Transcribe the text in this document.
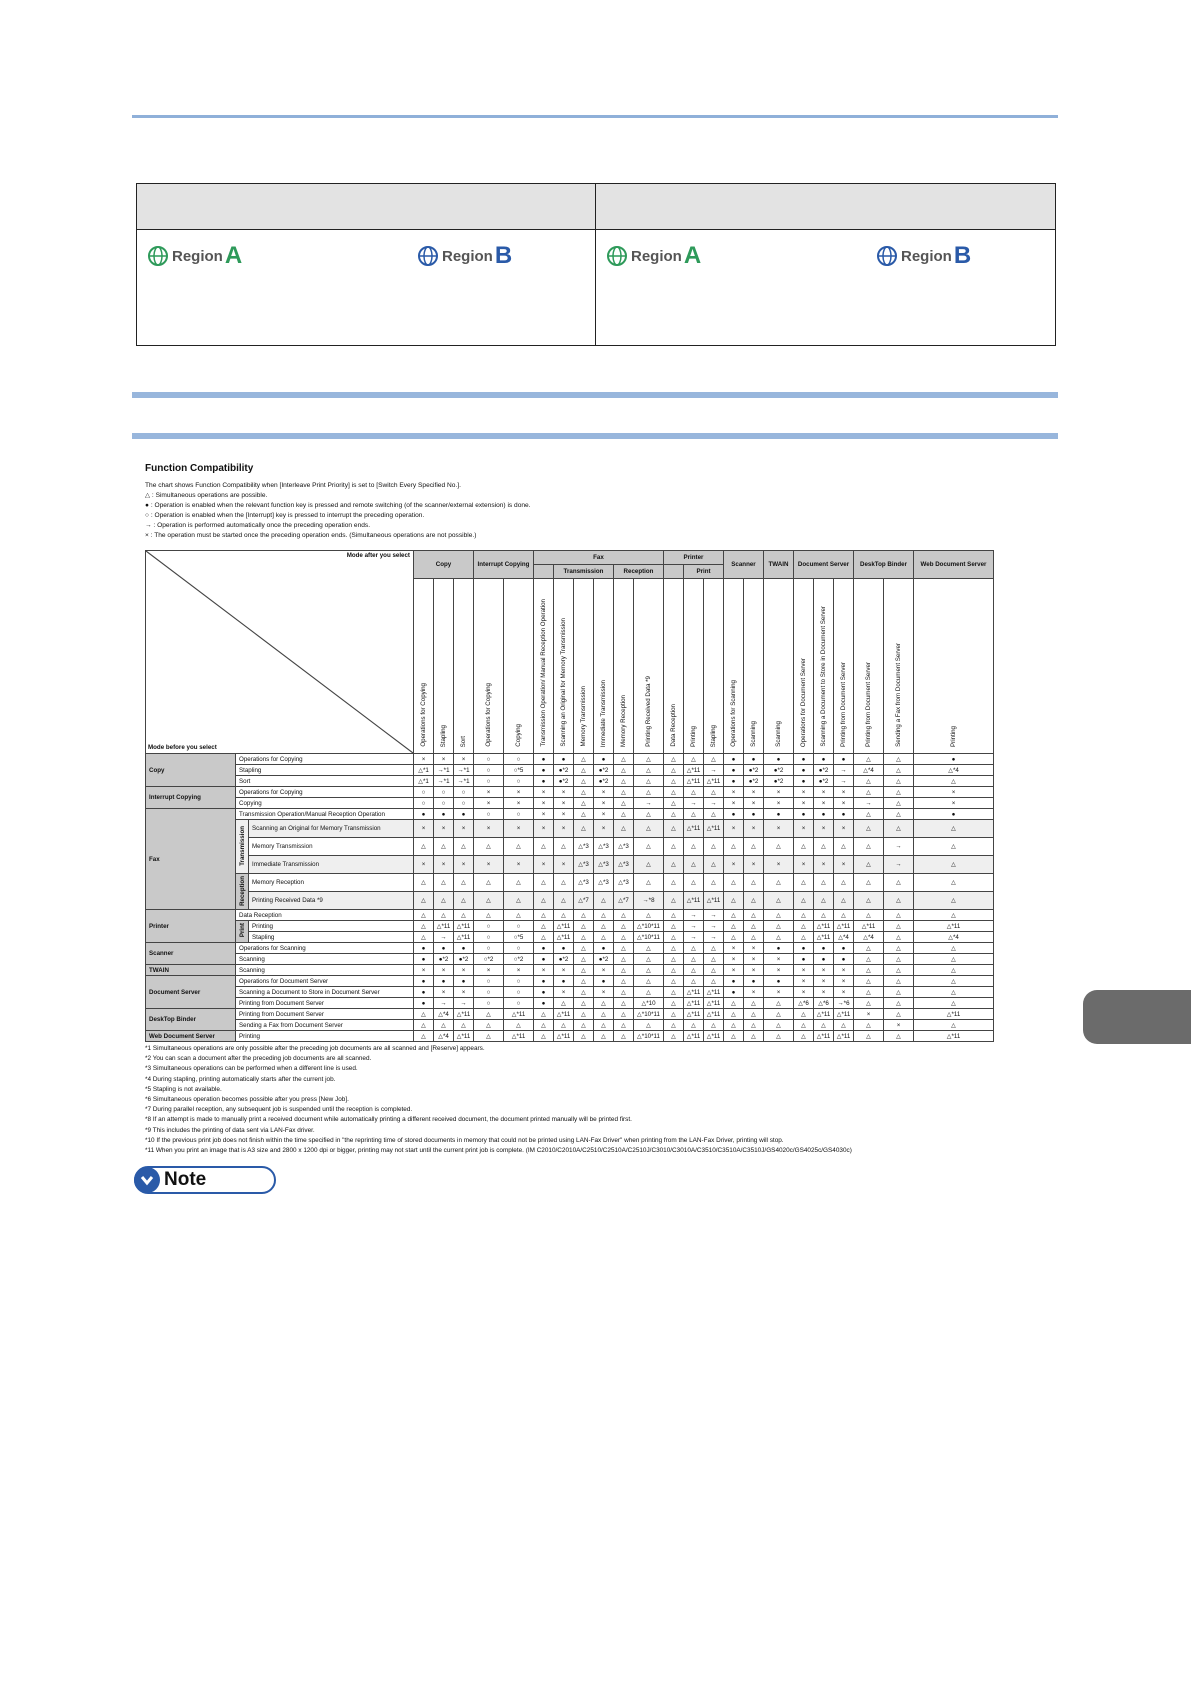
Region A	Region B	Region A	Region B
Function Compatibility
The chart shows Function Compatibility when [Interleave Print Priority] is set to [Switch Every Specified No.].
△ : Simultaneous operations are possible.
● : Operation is enabled when the relevant function key is pressed and remote switching (of the scanner/external extension) is done.
○ : Operation is enabled when the [Interrupt] key is pressed to interrupt the preceding operation.
→ : Operation is performed automatically once the preceding operation ends.
× : The operation must be started once the preceding operation ends. (Simultaneous operations are not possible.)
Mode after you select
Mode before you select			Copy			Interrupt Copying		Fax						Printer			Scanner		TWAIN	Document Server			DeskTop Binder		Web Document Server
									Transmission			Reception			Print										
			Operations for Copying	Stapling	Sort	Operations for Copying	Copying	Transmission Operation/ Manual Reception Operation	Scanning an Original for Memory Transmission	Memory Transmission	Immediate Transmission	Memory Reception	Printing Received Data *9	Data Reception	Printing	Stapling	Operations for Scanning	Scanning	Scanning	Operations for Document Server	Scanning a Document to Store in Document Server	Printing from Document Server	Printing from Document Server	Sending a Fax from Document Server	Printing
Copy	Operations for Copying		×	×	×	○	○	●	●	△	●	△	△	△	△	△	●	●	●	●	●	●	△	△	●
	Stapling		△*1	→*1	→*1	○	○*5	●	●*2	△	●*2	△	△	△	△*11	→	●	●*2	●*2	●	●*2	→	△*4	△	△*4
	Sort		△*1	→*1	→*1	○	○	●	●*2	△	●*2	△	△	△	△*11	△*11	●	●*2	●*2	●	●*2	→	△	△	△
Interrupt Copying	Operations for Copying		○	○	○	×	×	×	×	△	×	△	△	△	△	△	×	×	×	×	×	×	△	△	×
	Copying		○	○	○	×	×	×	×	△	×	△	→	△	→	→	×	×	×	×	×	×	→	△	×
Fax	Transmission Operation/Manual Reception Operation		●	●	●	○	○	×	×	△	×	△	△	△	△	△	●	●	●	●	●	●	△	△	●
	Transmission	Scanning an Original for Memory Transmission	×	×	×	×	×	×	×	△	×	△	△	△	△*11	△*11	×	×	×	×	×	×	△	△	△
		Memory Transmission	△	△	△	△	△	△	△	△*3	△*3	△*3	△	△	△	△	△	△	△	△	△	△	△	→	△
		Immediate Transmission	×	×	×	×	×	×	×	△*3	△*3	△*3	△	△	△	△	×	×	×	×	×	×	△	→	△
	Reception	Memory Reception	△	△	△	△	△	△	△	△*3	△*3	△*3	△	△	△	△	△	△	△	△	△	△	△	△	△
		Printing Received Data *9	△	△	△	△	△	△	△	△*7	△	△*7	→*8	△	△*11	△*11	△	△	△	△	△	△	△	△	△
Printer	Data Reception		△	△	△	△	△	△	△	△	△	△	△	△	→	→	△	△	△	△	△	△	△	△	△
	Print	Printing	△	△*11	△*11	○	○	△	△*11	△	△	△	△*10*11	△	→	→	△	△	△	△	△*11	△*11	△*11	△	△*11
		Stapling	△	→	△*11	○	○*5	△	△*11	△	△	△	△*10*11	△	→	→	△	△	△	△	△*11	△*4	△*4	△	△*4
Scanner	Operations for Scanning		●	●	●	○	○	●	●	△	●	△	△	△	△	△	×	×	●	●	●	●	△	△	△
	Scanning		●	●*2	●*2	○*2	○*2	●	●*2	△	●*2	△	△	△	△	△	×	×	×	●	●	●	△	△	△
TWAIN	Scanning		×	×	×	×	×	×	×	△	×	△	△	△	△	△	×	×	×	×	×	×	△	△	△
Document Server	Operations for Document Server		●	●	●	○	○	●	●	△	●	△	△	△	△	△	●	●	●	×	×	×	△	△	△
	Scanning a Document to Store in Document Server		●	×	×	○	○	●	×	△	×	△	△	△	△*11	△*11	●	×	×	×	×	×	△	△	△
	Printing from Document Server		●	→	→	○	○	●	△	△	△	△	△*10	△	△*11	△*11	△	△	△	△*6	△*6	→*6	△	△	△
DeskTop Binder	Printing from Document Server		△	△*4	△*11	△	△*11	△	△*11	△	△	△	△*10*11	△	△*11	△*11	△	△	△	△	△*11	△*11	×	△	△*11
	Sending a Fax from Document Server		△	△	△	△	△	△	△	△	△	△	△	△	△	△	△	△	△	△	△	△	△	×	△
Web Document Server	Printing		△	△*4	△*11	△	△*11	△	△*11	△	△	△	△*10*11	△	△*11	△*11	△	△	△	△	△*11	△*11	△	△	△*11
*1 Simultaneous operations are only possible after the preceding job documents are all scanned and [Reserve] appears.
*2 You can scan a document after the preceding job documents are all scanned.
*3 Simultaneous operations can be performed when a different line is used.
*4 During stapling, printing automatically starts after the current job.
*5 Stapling is not available.
*6 Simultaneous operation becomes possible after you press [New Job].
*7 During parallel reception, any subsequent job is suspended until the reception is completed.
*8 If an attempt is made to manually print a received document while automatically printing a different received document, the document printed manually will be printed first.
*9 This includes the printing of data sent via LAN-Fax driver.
*10 If the previous print job does not finish within the time specified in "the reprinting time of stored documents in memory that could not be printed using LAN-Fax Driver" when printing from the LAN-Fax Driver, printing will stop.
*11 When you print an image that is A3 size and 2800 x 1200 dpi or bigger, printing may not start until the current print job is complete. (IM C2010/C2010A/C2510/C2510A/C2510J/C3010/C3010A/C3510/C3510A/C3510J/GS4020c/GS4025c/GS4030c)
Note
